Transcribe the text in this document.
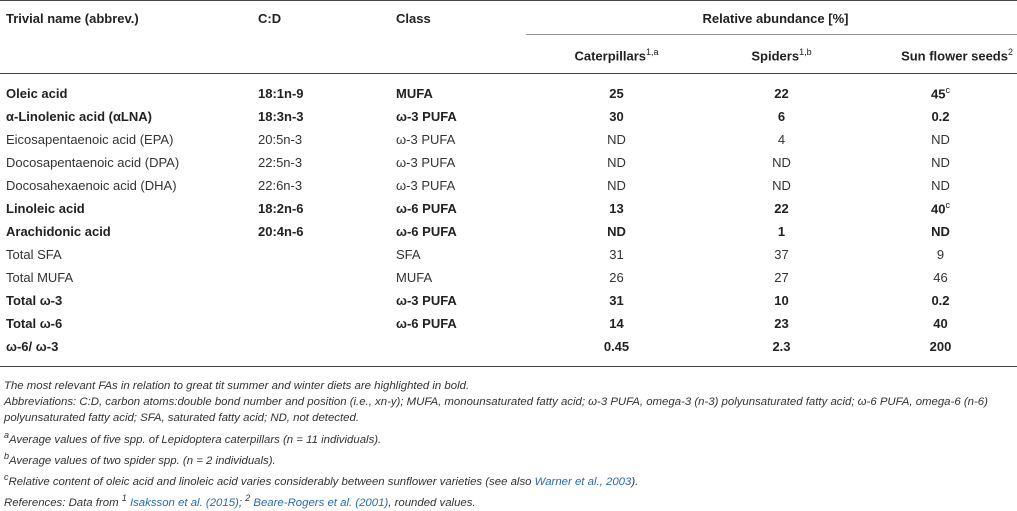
Trivial name (abbrev.)	C:D	Class	Relative abundance [%]		
			Caterpillars$^{1,a}$	Spiders$^{1,b}$	Sun flower seeds$^2$

Oleic acid	18:1n-9	MUFA	25	22	45$^c$
α-Linolenic acid (αLNA)	18:3n-3	ω-3 PUFA	30	6	0.2
Eicosapentaenoic acid (EPA)	20:5n-3	ω-3 PUFA	ND	4	ND
Docosapentaenoic acid (DPA)	22:5n-3	ω-3 PUFA	ND	ND	ND
Docosahexaenoic acid (DHA)	22:6n-3	ω-3 PUFA	ND	ND	ND
Linoleic acid	18:2n-6	ω-6 PUFA	13	22	40$^c$
Arachidonic acid	20:4n-6	ω-6 PUFA	ND	1	ND
Total SFA		SFA	31	37	9
Total MUFA		MUFA	26	27	46
Total ω-3		ω-3 PUFA	31	10	0.2
Total ω-6		ω-6 PUFA	14	23	40
ω-6/ ω-3			0.45	2.3	200

The most relevant FAs in relation to great tit summer and winter diets are highlighted in bold.

Abbreviations: C:D, carbon atoms:double bond number and position (i.e., xn-y); MUFA, monounsaturated fatty acid; ω-3 PUFA, omega-3 (n-3) polyunsaturated fatty acid; ω-6 PUFA, omega-6 (n-6) polyunsaturated fatty acid; SFA, saturated fatty acid; ND, not detected.

$^a$Average values of five spp. of Lepidoptera caterpillars (n = 11 individuals).

$^b$Average values of two spider spp. (n = 2 individuals).

$^c$Relative content of oleic acid and linoleic acid varies considerably between sunflower varieties (see also Warner et al., 2003).

References: Data from $^1$ Isaksson et al. (2015); $^2$ Beare-Rogers et al. (2001), rounded values.
